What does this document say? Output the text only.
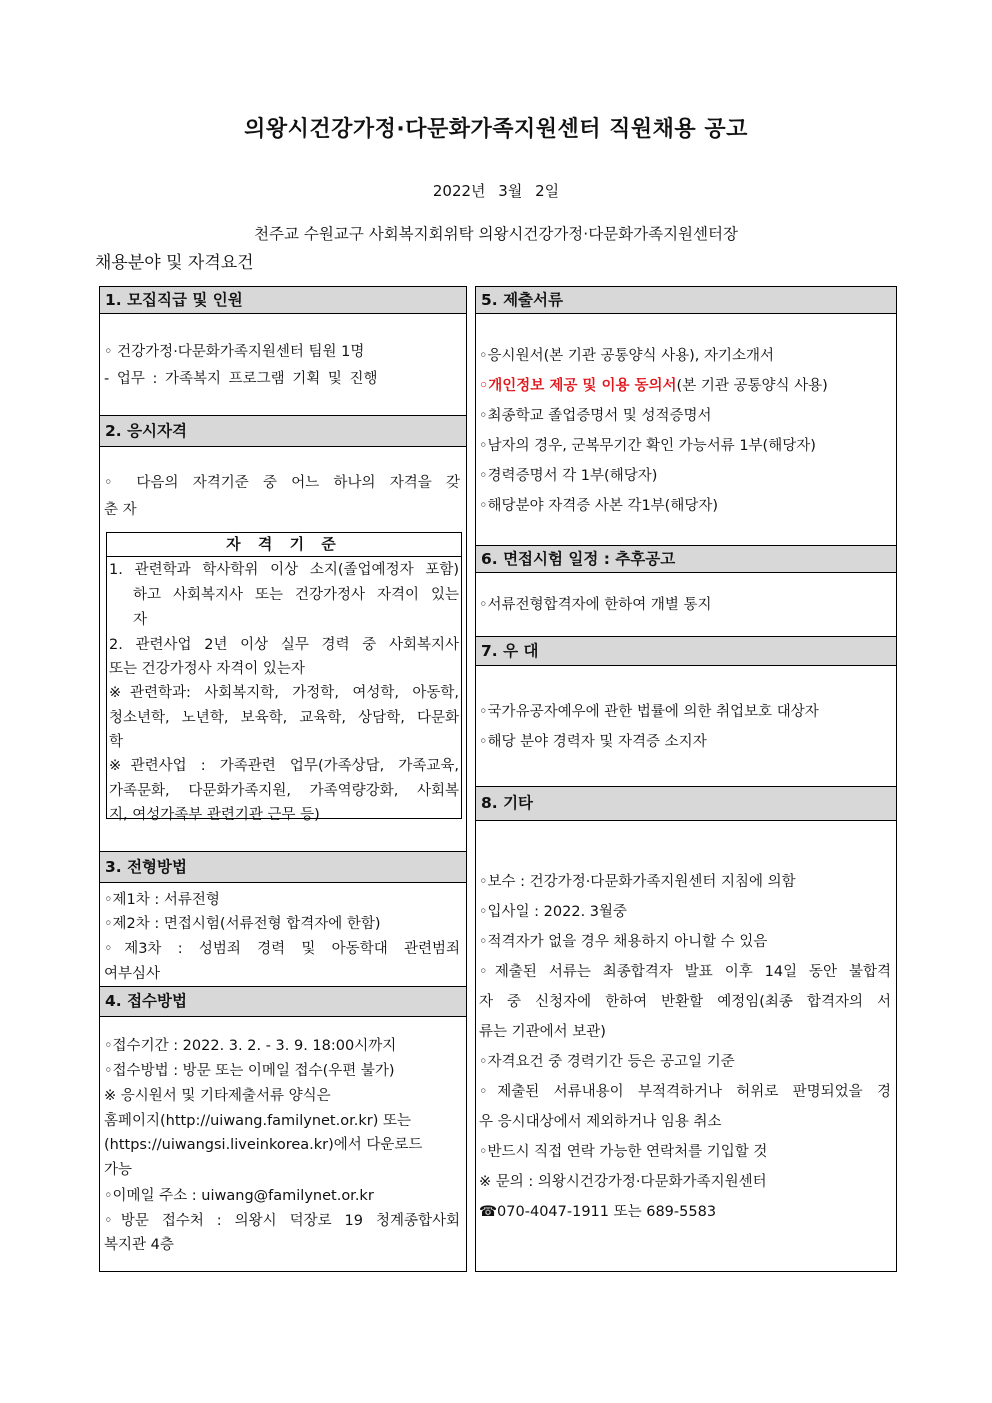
의왕시건강가정·다문화가족지원센터 직원채용 공고
2022년 3월 2일
천주교 수원교구 사회복지회위탁 의왕시건강가정·다문화가족지원센터장
채용분야 및 자격요건
1. 모집직급 및 인원
◦ 건강가정·다문화가족지원센터 팀원 1명
- 업무 : 가족복지 프로그램 기획 및 진행
2. 응시자격
◦ 다음의 자격기준 중 어느 하나의 자격을 갖
춘 자
자 격 기 준
1. 관련학과 학사학위 이상 소지(졸업예정자 포함)
하고 사회복지사 또는 건강가정사 자격이 있는
자
2. 관련사업 2년 이상 실무 경력 중 사회복지사
또는 건강가정사 자격이 있는자
※관련학과: 사회복지학, 가정학, 여성학, 아동학,
청소년학, 노년학, 보육학, 교육학, 상담학, 다문화
학
※관련사업 : 가족관련 업무(가족상담, 가족교육,
가족문화, 다문화가족지원, 가족역량강화, 사회복
지, 여성가족부 관련기관 근무 등)
3. 전형방법
◦제1차 : 서류전형
◦제2차 : 면접시험(서류전형 합격자에 한함)
◦제3차 : 성범죄 경력 및 아동학대 관련범죄
여부심사
4. 접수방법
◦접수기간 : 2022. 3. 2. - 3. 9. 18:00시까지
◦접수방법 : 방문 또는 이메일 접수(우편 불가)
※ 응시원서 및 기타제출서류 양식은
홈페이지(http://uiwang.familynet.or.kr) 또는
(https://uiwangsi.liveinkorea.kr)에서 다운로드
가능
◦이메일 주소 : uiwang@familynet.or.kr
◦방문 접수처 : 의왕시 덕장로 19 청계종합사회
복지관 4층
5. 제출서류
◦응시원서(본 기관 공통양식 사용), 자기소개서
◦개인정보 제공 및 이용 동의서(본 기관 공통양식 사용)
◦최종학교 졸업증명서 및 성적증명서
◦남자의 경우, 군복무기간 확인 가능서류 1부(해당자)
◦경력증명서 각 1부(해당자)
◦해당분야 자격증 사본 각1부(해당자)
6. 면접시험 일정 : 추후공고
◦서류전형합격자에 한하여 개별 통지
7. 우 대
◦국가유공자예우에 관한 법률에 의한 취업보호 대상자
◦해당 분야 경력자 및 자격증 소지자
8. 기타
◦보수 : 건강가정·다문화가족지원센터 지침에 의함
◦입사일 : 2022. 3월중
◦적격자가 없을 경우 채용하지 아니할 수 있음
◦제출된 서류는 최종합격자 발표 이후 14일 동안 불합격
자 중 신청자에 한하여 반환할 예정임(최종 합격자의 서
류는 기관에서 보관)
◦자격요건 중 경력기간 등은 공고일 기준
◦제출된 서류내용이 부적격하거나 허위로 판명되었을 경
우 응시대상에서 제외하거나 임용 취소
◦반드시 직접 연락 가능한 연락처를 기입할 것
※ 문의 : 의왕시건강가정·다문화가족지원센터
☎070-4047-1911 또는 689-5583
